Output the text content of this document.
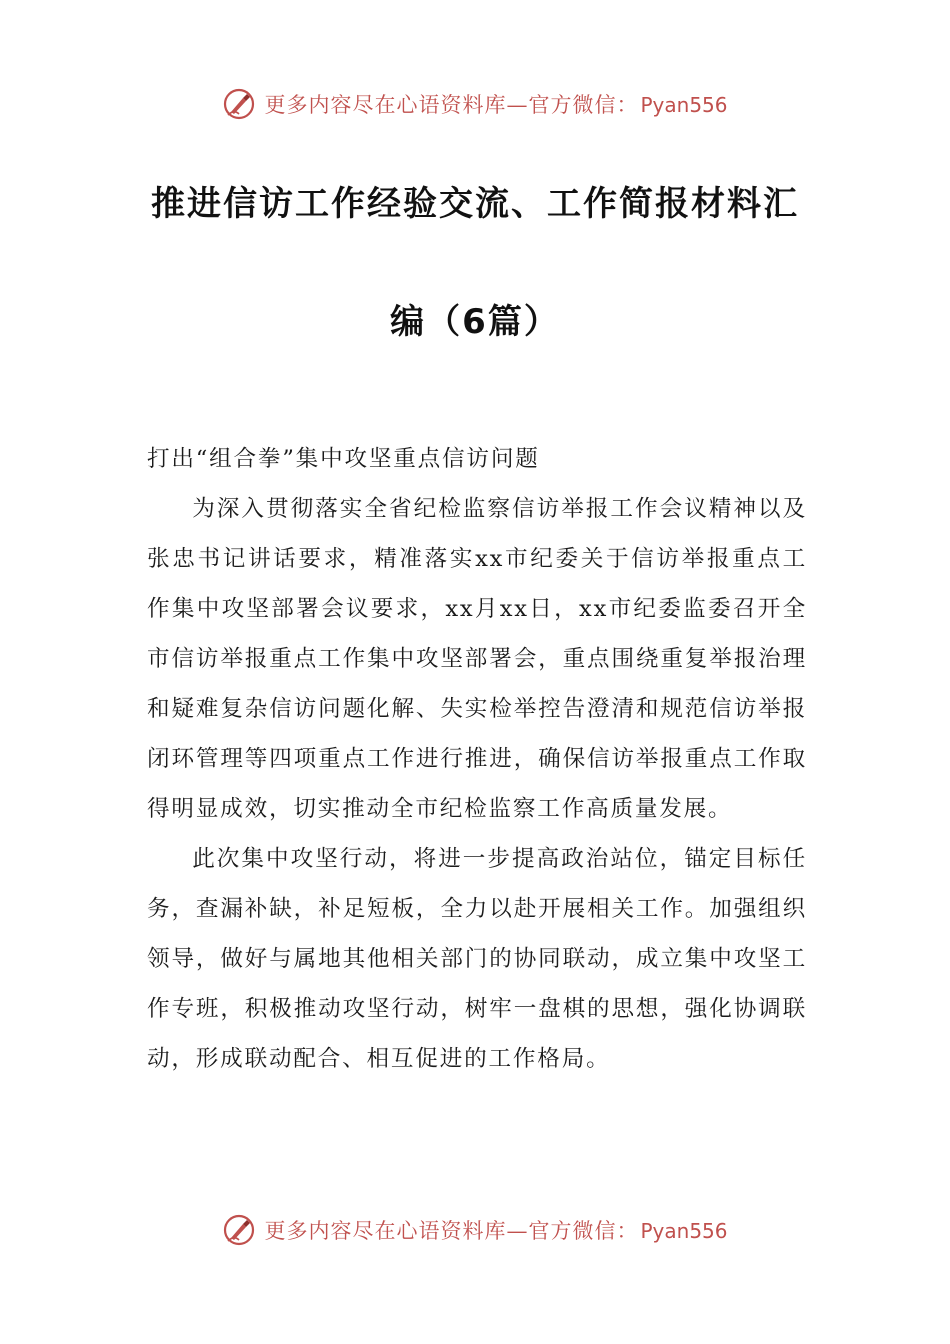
更多内容尽在心语资料库—官方微信： Pyan556
推进信访工作经验交流、工作简报材料汇
编（6篇）

打出“组合拳”集中攻坚重点信访问题

为深入贯彻落实全省纪检监察信访举报工作会议精神以及张忠书记讲话要求，精准落实xx市纪委关于信访举报重点工作集中攻坚部署会议要求，xx月xx日，xx市纪委监委召开全市信访举报重点工作集中攻坚部署会，重点围绕重复举报治理和疑难复杂信访问题化解、失实检举控告澄清和规范信访举报闭环管理等四项重点工作进行推进，确保信访举报重点工作取得明显成效，切实推动全市纪检监察工作高质量发展。

此次集中攻坚行动，将进一步提高政治站位，锚定目标任务，查漏补缺，补足短板，全力以赴开展相关工作。加强组织领导，做好与属地其他相关部门的协同联动，成立集中攻坚工作专班，积极推动攻坚行动，树牢一盘棋的思想，强化协调联动，形成联动配合、相互促进的工作格局。

更多内容尽在心语资料库—官方微信： Pyan556
